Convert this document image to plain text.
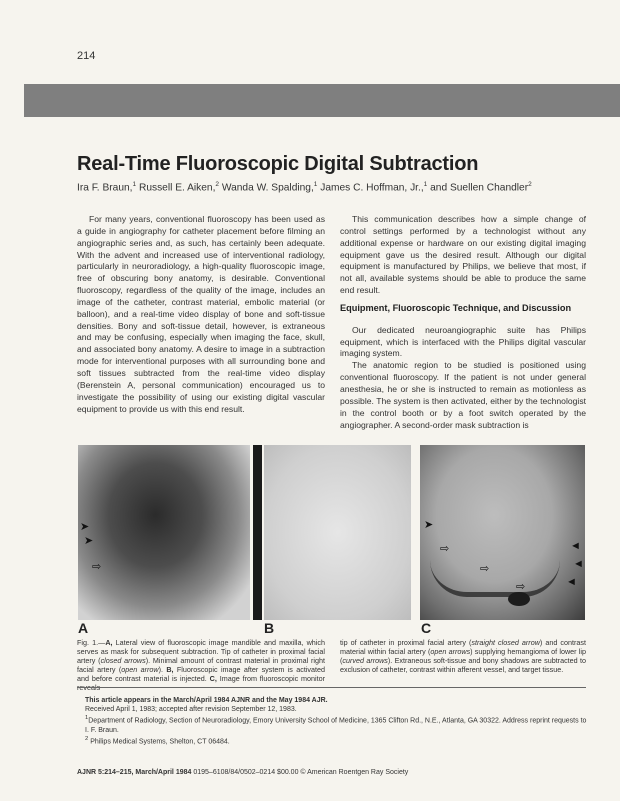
214
Real-Time Fluoroscopic Digital Subtraction
Ira F. Braun,$^1$ Russell E. Aiken,$^2$ Wanda W. Spalding,$^1$ James C. Hoffman, Jr.,$^1$ and Suellen Chandler$^2$

For many years, conventional fluoroscopy has been used as a guide in angiography for catheter placement before filming an angiographic series and, as such, has certainly been adequate. With the advent and increased use of interventional radiology, particularly in neuroradiology, a high-quality fluoroscopic image, free of obscuring bony anatomy, is desirable. Conventional fluoroscopy, regardless of the quality of the image, includes an image of the catheter, contrast material, embolic material (or balloon), and a real-time video display of bone and soft-tissue densities. Bony and soft-tissue detail, however, is extraneous and may be confusing, especially when imaging the face, skull, and associated bony anatomy. A desire to image in a subtraction mode for interventional purposes with all surrounding bone and soft tissues subtracted from the real-time video display (Berenstein A, personal communication) encouraged us to investigate the possibility of using our existing digital vascular equipment to provide us with this end result.

This communication describes how a simple change of control settings performed by a technologist without any additional expense or hardware on our existing digital imaging equipment gave us the desired result. Although our digital equipment is manufactured by Philips, we believe that most, if not all, available systems should be able to produce the same end result.

Equipment, Fluoroscopic Technique, and Discussion

Our dedicated neuroangiographic suite has Philips equipment, which is interfaced with the Philips digital vascular imaging system.

The anatomic region to be studied is positioned using conventional fluoroscopy. If the patient is not under general anesthesia, he or she is instructed to remain as motionless as possible. The system is then activated, either by the technologist in the control booth or by a foot switch operated by the angiographer. A second-order mask subtraction is

➤
➤
⇨
➤
⇨
⇨
⇨
◄
◄
◄
A	B	C
Fig. 1.—A, Lateral view of fluoroscopic image mandible and maxilla, which serves as mask for subsequent subtraction. Tip of catheter in proximal facial artery (closed arrows). Minimal amount of contrast material in proximal right facial artery (open arrow). B, Fluoroscopic image after system is activated and before contrast material is injected. C, Image from fluoroscopic monitor
tip of catheter in proximal facial artery (straight closed arrow) and contrast material within facial artery (open arrows) supplying hemangioma of lower lip (curved arrows). Extraneous soft-tissue and bony shadows are subtracted to exclusion of catheter, contrast within afferent vessel, and target tissue.

This article appears in the March/April 1984 AJNR and the May 1984 AJR.

Received April 1, 1983; accepted after revision September 12, 1983.

$^1$Department of Radiology, Section of Neuroradiology, Emory University School of Medicine, 1365 Clifton Rd., N.E., Atlanta, GA 30322. Address reprint requests to I. F. Braun.

$^2$ Philips Medical Systems, Shelton, CT 06484.

AJNR 5:214–215, March/April 1984 0195–6108/84/0502–0214 $00.00 © American Roentgen Ray Society
